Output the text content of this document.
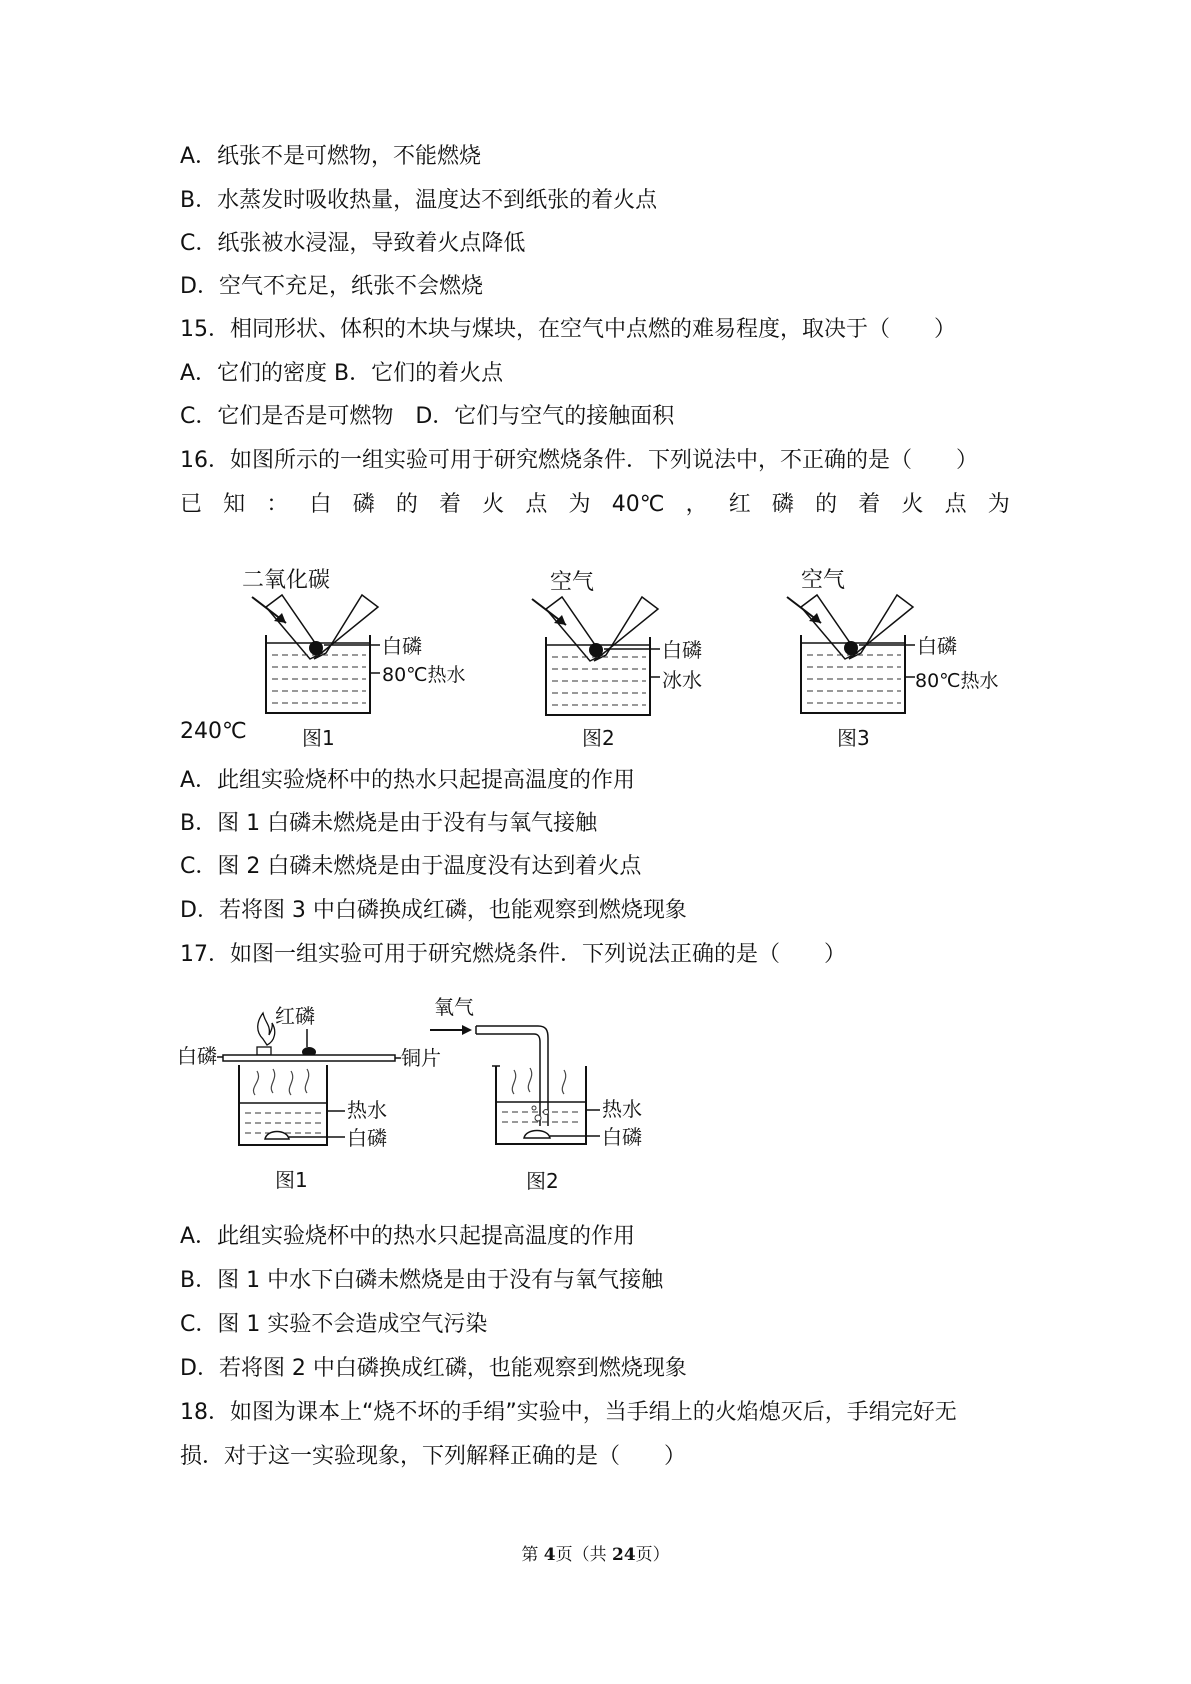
A．纸张不是可燃物，不能燃烧
B．水蒸发时吸收热量，温度达不到纸张的着火点
C．纸张被水浸湿，导致着火点降低
D．空气不充足，纸张不会燃烧
15．相同形状、体积的木块与煤块，在空气中点燃的难易程度，取决于（　　）
A．它们的密度 B．它们的着火点
C．它们是否是可燃物　D．它们与空气的接触面积
16．如图所示的一组实验可用于研究燃烧条件．下列说法中，不正确的是（　　）
已 知 ： 白 磷 的 着 火 点 为 40℃ ， 红 磷 的 着 火 点 为
240℃
二氧化碳
白磷
80℃热水
图1
空气
白磷
冰水
图2
空气
白磷
80℃热水
图3
A．此组实验烧杯中的热水只起提高温度的作用
B．图 1 白磷未燃烧是由于没有与氧气接触
C．图 2 白磷未燃烧是由于温度没有达到着火点
D．若将图 3 中白磷换成红磷，也能观察到燃烧现象
17．如图一组实验可用于研究燃烧条件．下列说法正确的是（　　）
红磷
白磷	铜片
热水
白磷
图1
氧气
热水
白磷
图2
A．此组实验烧杯中的热水只起提高温度的作用
B．图 1 中水下白磷未燃烧是由于没有与氧气接触
C．图 1 实验不会造成空气污染
D．若将图 2 中白磷换成红磷，也能观察到燃烧现象
18．如图为课本上“烧不坏的手绢”实验中，当手绢上的火焰熄灭后，手绢完好无
损．对于这一实验现象，下列解释正确的是（　　）
第 4页（共 24页）
